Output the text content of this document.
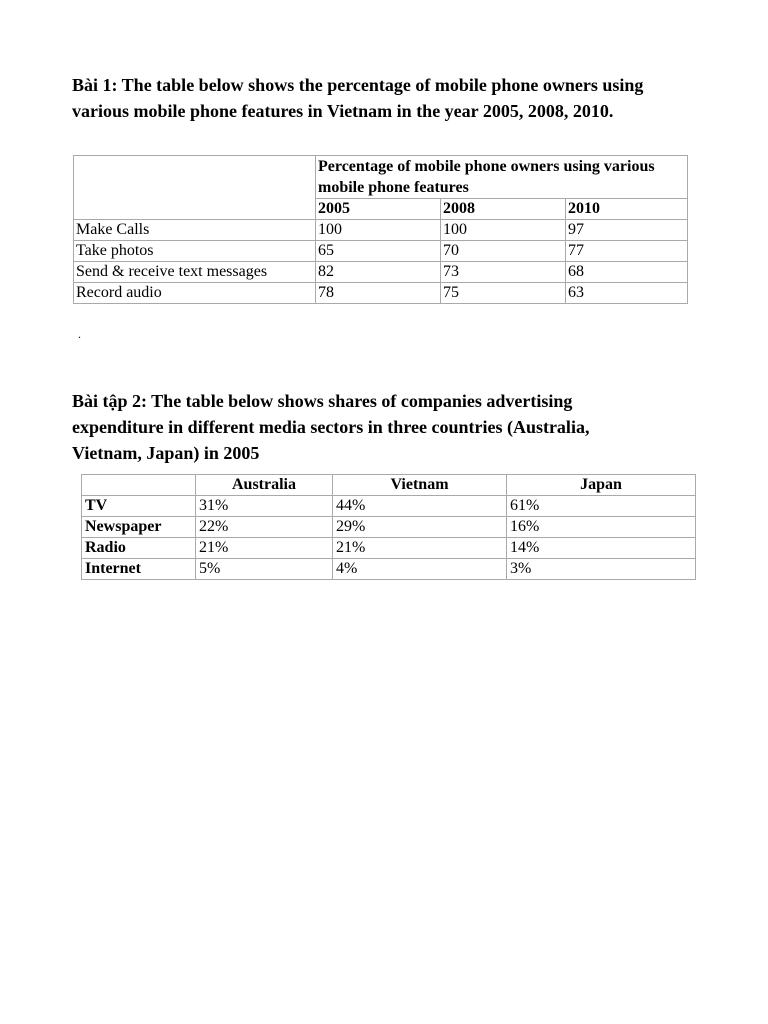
Bài 1: The table below shows the percentage of mobile phone owners using
various mobile phone features in Vietnam in the year 2005, 2008, 2010.

	Percentage of mobile phone owners using various mobile phone features		
	2005	2008	2010
Make Calls	100	100	97
Take photos	65	70	77
Send & receive text messages	82	73	68
Record audio	78	75	63
.

Bài tập 2: The table below shows shares of companies advertising
expenditure in different media sectors in three countries (Australia,
Vietnam, Japan) in 2005

	Australia	Vietnam	Japan
TV	31%	44%	61%
Newspaper	22%	29%	16%
Radio	21%	21%	14%
Internet	5%	4%	3%
